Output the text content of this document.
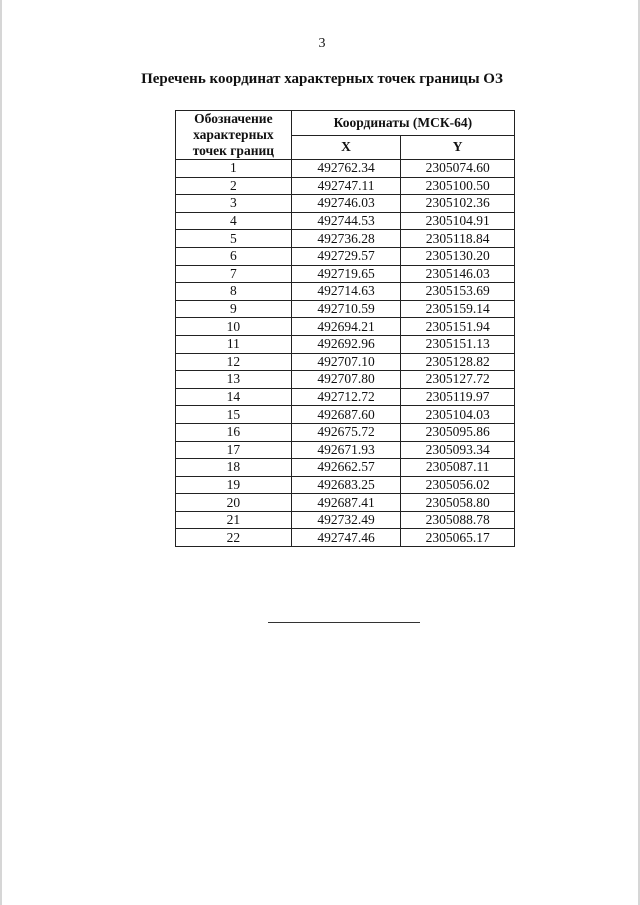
3
Перечень координат характерных точек границы ОЗ
Обозначение характерных точек границ	Координаты (МСК-64)	
	X	Y
1	492762.34	2305074.60
2	492747.11	2305100.50
3	492746.03	2305102.36
4	492744.53	2305104.91
5	492736.28	2305118.84
6	492729.57	2305130.20
7	492719.65	2305146.03
8	492714.63	2305153.69
9	492710.59	2305159.14
10	492694.21	2305151.94
11	492692.96	2305151.13
12	492707.10	2305128.82
13	492707.80	2305127.72
14	492712.72	2305119.97
15	492687.60	2305104.03
16	492675.72	2305095.86
17	492671.93	2305093.34
18	492662.57	2305087.11
19	492683.25	2305056.02
20	492687.41	2305058.80
21	492732.49	2305088.78
22	492747.46	2305065.17
